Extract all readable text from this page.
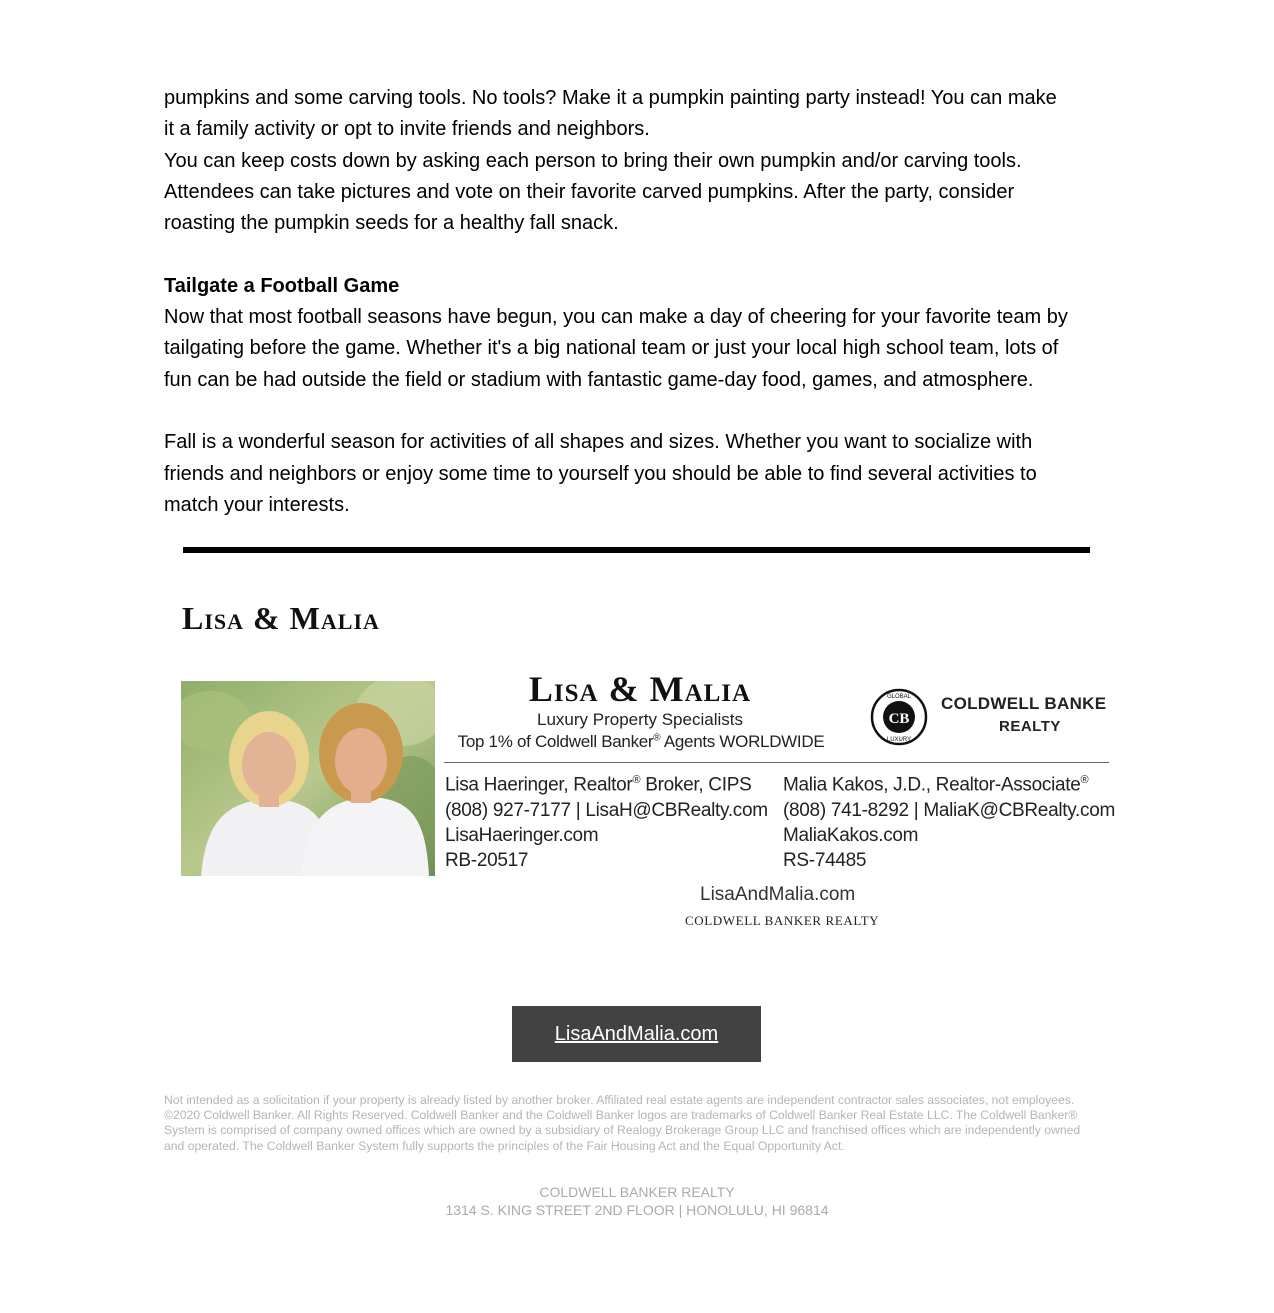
pumpkins and some carving tools. No tools? Make it a pumpkin painting party instead! You can make
it a family activity or opt to invite friends and neighbors.
You can keep costs down by asking each person to bring their own pumpkin and/or carving tools.
Attendees can take pictures and vote on their favorite carved pumpkins. After the party, consider
roasting the pumpkin seeds for a healthy fall snack.

Tailgate a Football Game

Now that most football seasons have begun, you can make a day of cheering for your favorite team by
tailgating before the game. Whether it's a big national team or just your local high school team, lots of
fun can be had outside the field or stadium with fantastic game-day food, games, and atmosphere.

Fall is a wonderful season for activities of all shapes and sizes. Whether you want to socialize with
friends and neighbors or enjoy some time to yourself you should be able to find several activities to
match your interests.

Lisa & Malia
Lisa & Malia
Luxury Property Specialists
Top 1% of Coldwell Banker® Agents WORLDWIDE
CB
GLOBAL
LUXURY
COLDWELL BANKE
REALTY
Lisa Haeringer, Realtor® Broker, CIPS
(808) 927-7177 | LisaH@CBRealty.com
LisaHaeringer.com
RB-20517
Malia Kakos, J.D., Realtor-Associate®
(808) 741-8292 | MaliaK@CBRealty.com
MaliaKakos.com
RS-74485
LisaAndMalia.com
COLDWELL BANKER REALTY
LisaAndMalia.com
Not intended as a solicitation if your property is already listed by another broker. Affiliated real estate agents are independent contractor sales associates, not employees.
©2020 Coldwell Banker. All Rights Reserved. Coldwell Banker and the Coldwell Banker logos are trademarks of Coldwell Banker Real Estate LLC. The Coldwell Banker®
System is comprised of company owned offices which are owned by a subsidiary of Realogy Brokerage Group LLC and franchised offices which are independently owned
and operated. The Coldwell Banker System fully supports the principles of the Fair Housing Act and the Equal Opportunity Act.
COLDWELL BANKER REALTY
1314 S. KING STREET 2ND FLOOR | HONOLULU, HI 96814
